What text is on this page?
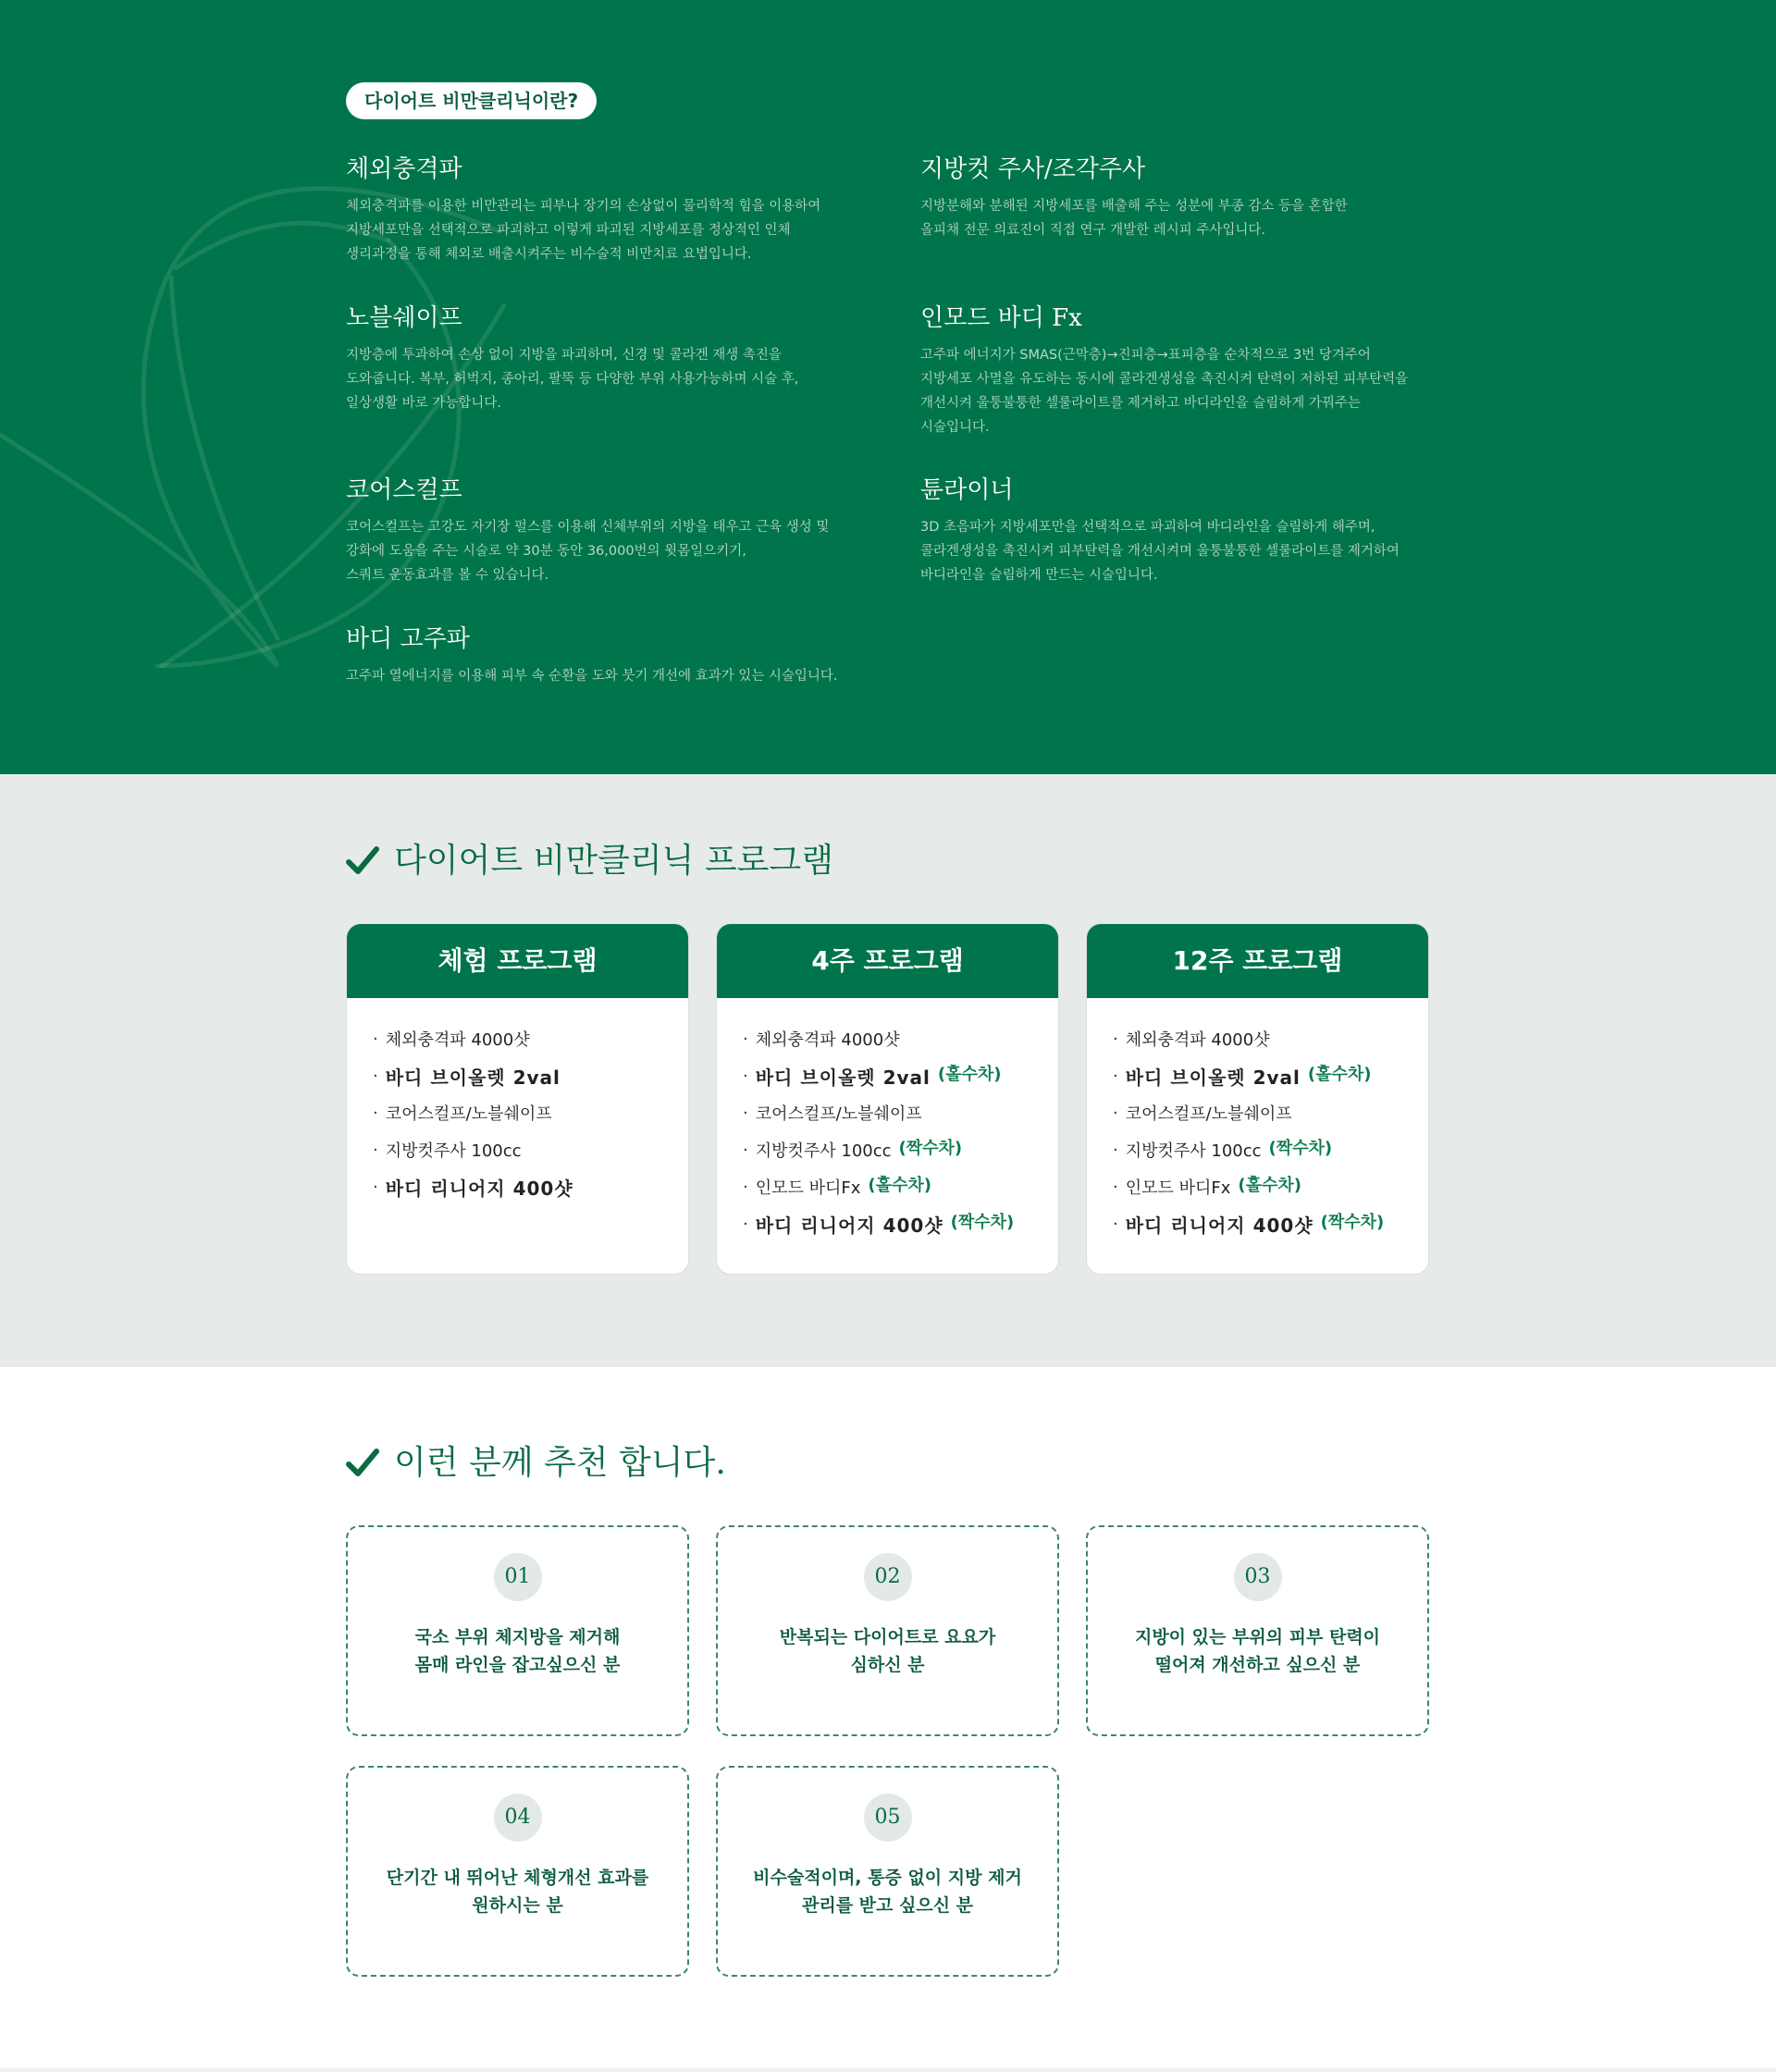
다이어트 비만클리닉이란?
체외충격파

체외충격파를 이용한 비만관리는 피부나 장기의 손상없이 물리학적 힘을 이용하여
지방세포만을 선택적으로 파괴하고 이렇게 파괴된 지방세포를 정상적인 인체
생리과정을 통해 체외로 배출시켜주는 비수술적 비만치료 요법입니다.

지방컷 주사/조각주사

지방분해와 분해된 지방세포를 배출해 주는 성분에 부종 감소 등을 혼합한
올피채 전문 의료진이 직접 연구 개발한 레시피 주사입니다.

노블쉐이프

지방층에 투과하여 손상 없이 지방을 파괴하며, 신경 및 콜라겐 재생 촉진을
도와줍니다. 복부, 허벅지, 종아리, 팔뚝 등 다양한 부위 사용가능하며 시술 후,
일상생활 바로 가능합니다.

인모드 바디 Fx

고주파 에너지가 SMAS(근막층)→진피층→표피층을 순차적으로 3번 당겨주어
지방세포 사멸을 유도하는 동시에 콜라겐생성을 촉진시켜 탄력이 저하된 피부탄력을
개선시켜 울퉁불퉁한 셀룰라이트를 제거하고 바디라인을 슬림하게 가꿔주는
시술입니다.

코어스컬프

코어스컬프는 고강도 자기장 펄스를 이용해 신체부위의 지방을 태우고 근육 생성 및
강화에 도움을 주는 시술로 약 30분 동안 36,000번의 윗몸일으키기,
스쿼트 운동효과를 볼 수 있습니다.

튠라이너

3D 초음파가 지방세포만을 선택적으로 파괴하여 바디라인을 슬림하게 해주며,
콜라겐생성을 촉진시켜 피부탄력을 개선시켜며 울퉁불퉁한 셀룰라이트를 제거하여
바디라인을 슬림하게 만드는 시술입니다.

바디 고주파

고주파 열에너지를 이용해 피부 속 순환을 도와 붓기 개선에 효과가 있는 시술입니다.

다이어트 비만클리닉 프로그램
체험 프로그램
· 체외충격파 4000샷
· 바디 브이올렛 2val
· 코어스컬프/노블쉐이프
· 지방컷주사 100cc
· 바디 리니어지 400샷
4주 프로그램
· 체외충격파 4000샷
· 바디 브이올렛 2val (홀수차)
· 코어스컬프/노블쉐이프
· 지방컷주사 100cc (짝수차)
· 인모드 바디Fx (홀수차)
· 바디 리니어지 400샷 (짝수차)
12주 프로그램
· 체외충격파 4000샷
· 바디 브이올렛 2val (홀수차)
· 코어스컬프/노블쉐이프
· 지방컷주사 100cc (짝수차)
· 인모드 바디Fx (홀수차)
· 바디 리니어지 400샷 (짝수차)
이런 분께 추천 합니다.
01
국소 부위 체지방을 제거해
몸매 라인을 잡고싶으신 분
02
반복되는 다이어트로 요요가
심하신 분
03
지방이 있는 부위의 피부 탄력이
떨어져 개선하고 싶으신 분
04
단기간 내 뛰어난 체형개선 효과를
원하시는 분
05
비수술적이며, 통증 없이 지방 제거
관리를 받고 싶으신 분
